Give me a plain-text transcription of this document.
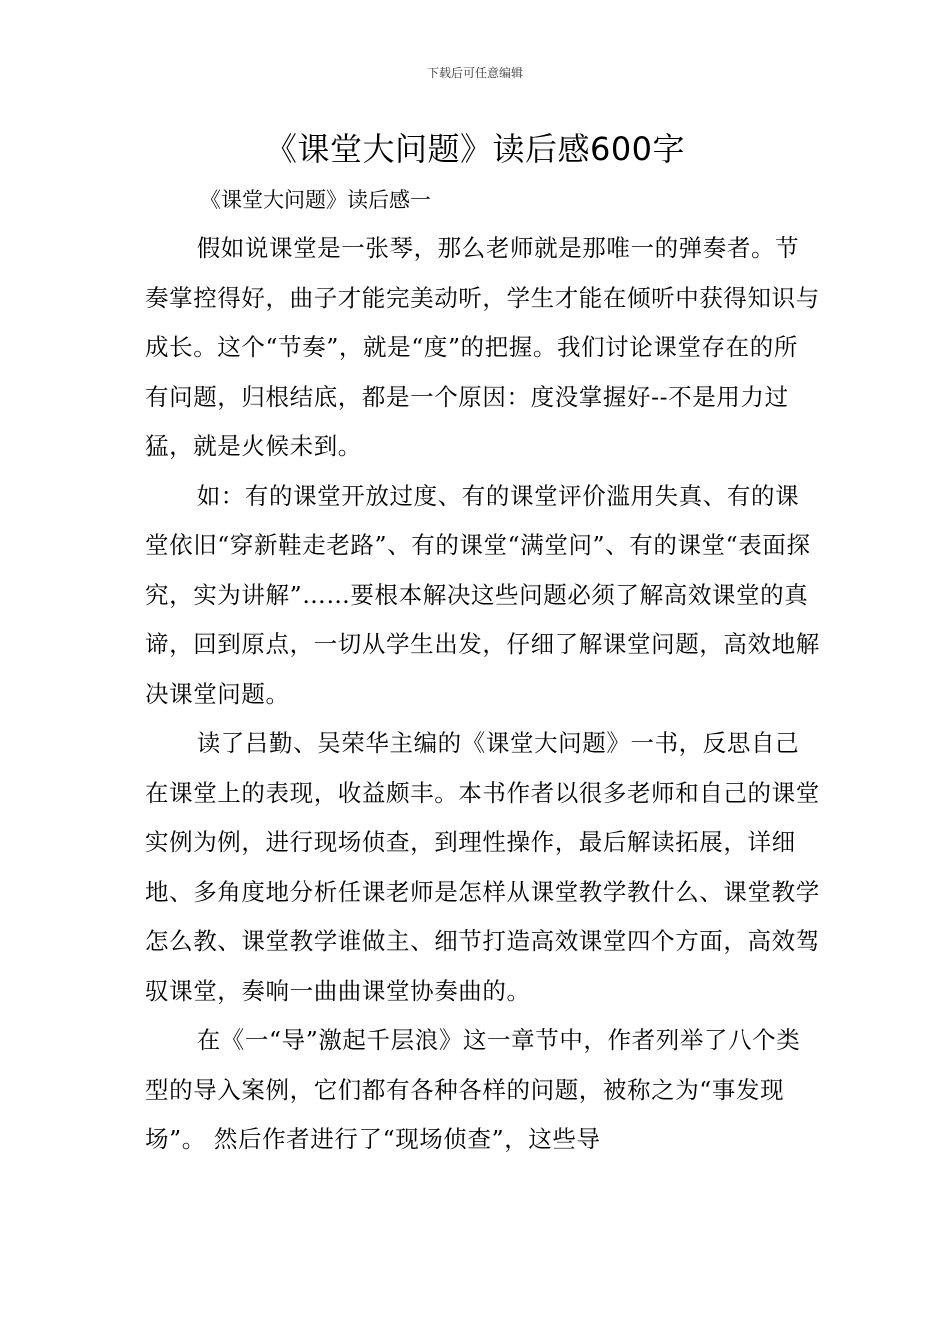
下载后可任意编辑
《课堂大问题》读后感600字
《课堂大问题》读后感一

假如说课堂是一张琴，那么老师就是那唯一的弹奏者。节奏掌控得好，曲子才能完美动听，学生才能在倾听中获得知识与成长。这个“节奏”，就是“度”的把握。我们讨论课堂存在的所有问题，归根结底，都是一个原因：度没掌握好--不是用力过猛，就是火候未到。

如：有的课堂开放过度、有的课堂评价滥用失真、有的课堂依旧“穿新鞋走老路”、有的课堂“满堂问”、有的课堂“表面探究，实为讲解”……要根本解决这些问题必须了解高效课堂的真谛，回到原点，一切从学生出发，仔细了解课堂问题，高效地解决课堂问题。

读了吕勤、吴荣华主编的《课堂大问题》一书，反思自己在课堂上的表现，收益颇丰。本书作者以很多老师和自己的课堂实例为例，进行现场侦查，到理性操作，最后解读拓展，详细地、多角度地分析任课老师是怎样从课堂教学教什么、课堂教学怎么教、课堂教学谁做主、细节打造高效课堂四个方面，高效驾驭课堂，奏响一曲曲课堂协奏曲的。

在《一“导”激起千层浪》这一章节中，作者列举了八个类型的导入案例，它们都有各种各样的问题，被称之为“事发现场”。 然后作者进行了“现场侦查”，这些导
